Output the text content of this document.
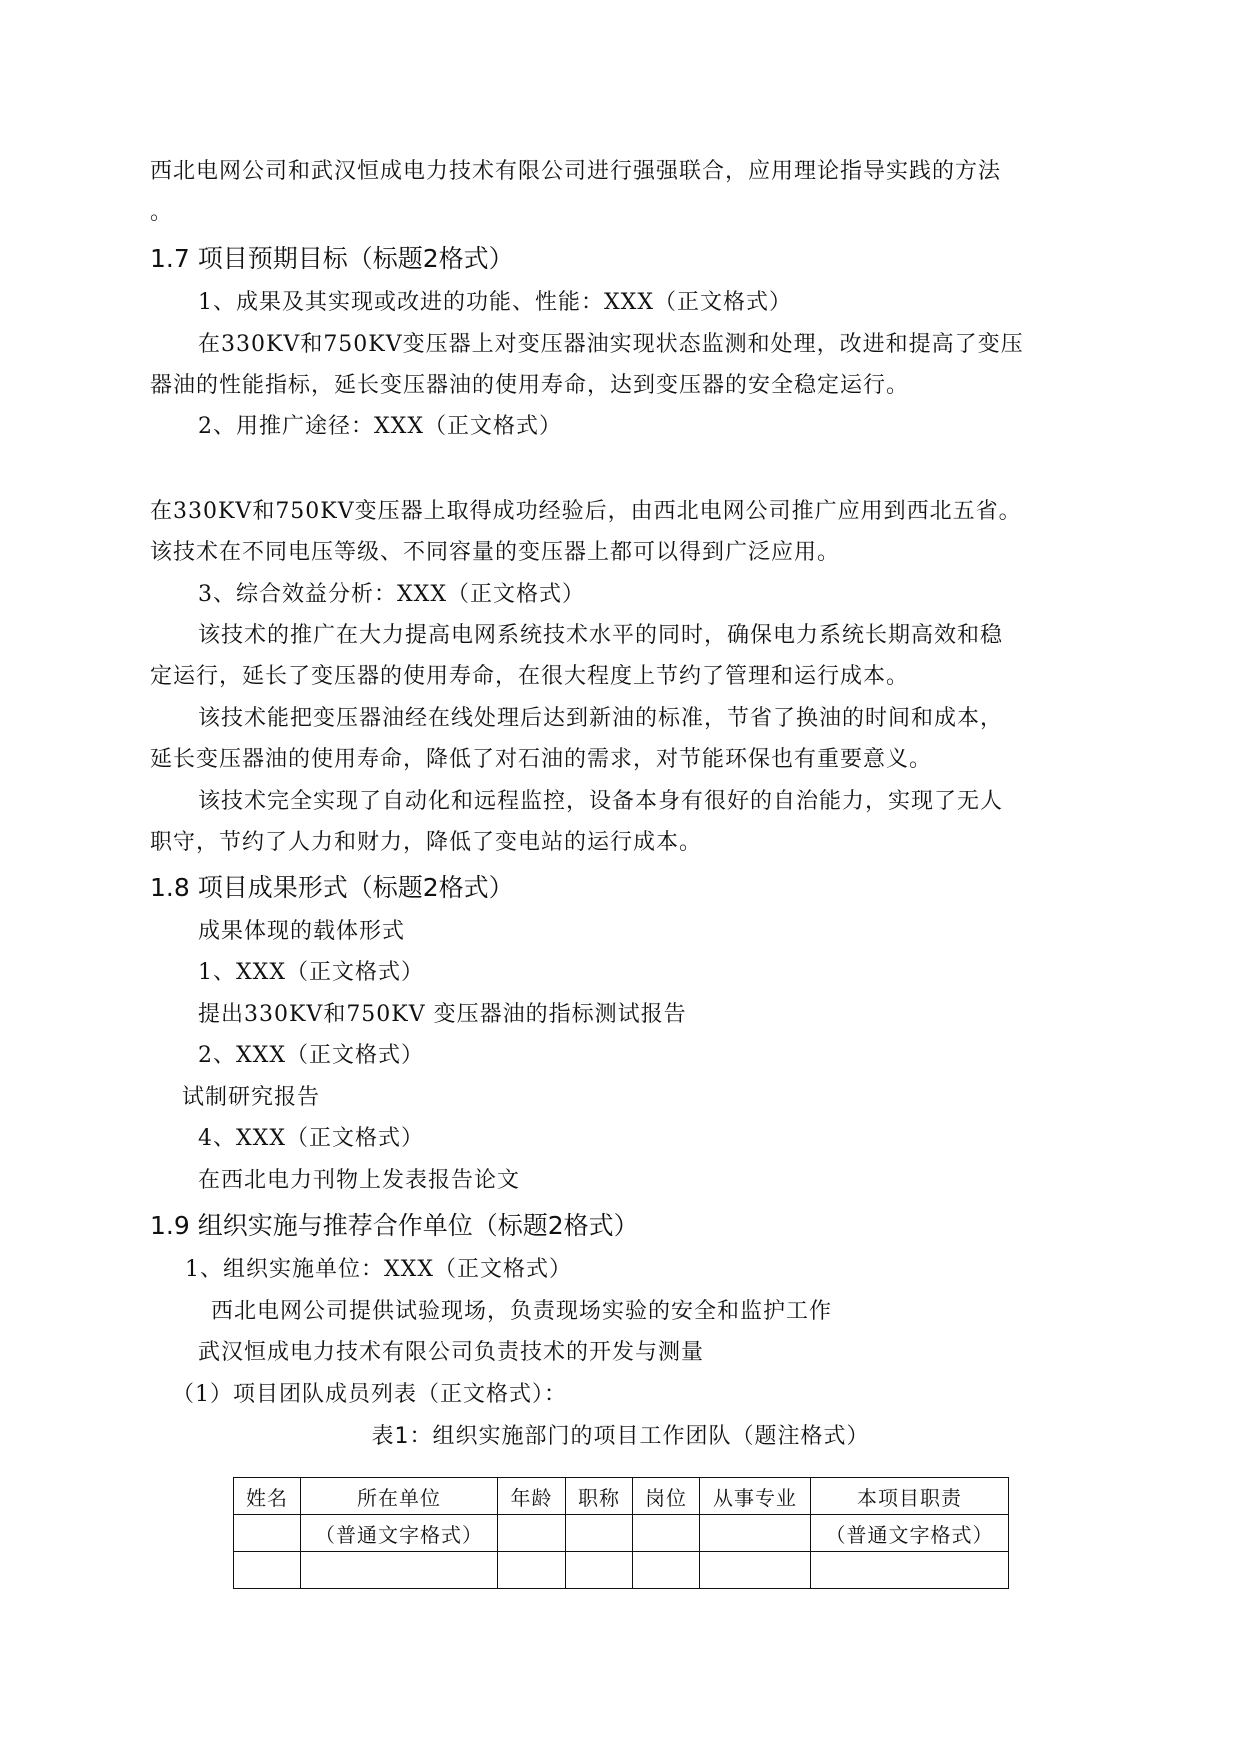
西北电网公司和武汉恒成电力技术有限公司进行强强联合，应用理论指导实践的方法
。
1.7 项目预期目标（标题2格式）
1、成果及其实现或改进的功能、性能：XXX（正文格式）
在330KV和750KV变压器上对变压器油实现状态监测和处理，改进和提高了变压
器油的性能指标，延长变压器油的使用寿命，达到变压器的安全稳定运行。
2、用推广途径：XXX（正文格式）
在330KV和750KV变压器上取得成功经验后，由西北电网公司推广应用到西北五省。
该技术在不同电压等级、不同容量的变压器上都可以得到广泛应用。
3、综合效益分析：XXX（正文格式）
该技术的推广在大力提高电网系统技术水平的同时，确保电力系统长期高效和稳
定运行，延长了变压器的使用寿命，在很大程度上节约了管理和运行成本。
该技术能把变压器油经在线处理后达到新油的标准，节省了换油的时间和成本，
延长变压器油的使用寿命，降低了对石油的需求，对节能环保也有重要意义。
该技术完全实现了自动化和远程监控，设备本身有很好的自治能力，实现了无人
职守，节约了人力和财力，降低了变电站的运行成本。
1.8 项目成果形式（标题2格式）
成果体现的载体形式
1、XXX（正文格式）
提出330KV和750KV 变压器油的指标测试报告
2、XXX（正文格式）
试制研究报告
4、XXX（正文格式）
在西北电力刊物上发表报告论文
1.9 组织实施与推荐合作单位（标题2格式）
1、组织实施单位：XXX（正文格式）
西北电网公司提供试验现场，负责现场实验的安全和监护工作
武汉恒成电力技术有限公司负责技术的开发与测量
（1）项目团队成员列表（正文格式）：
表1：组织实施部门的项目工作团队（题注格式）
姓名	所在单位	年龄	职称	岗位	从事专业	本项目职责
	（普通文字格式）					（普通文字格式）
